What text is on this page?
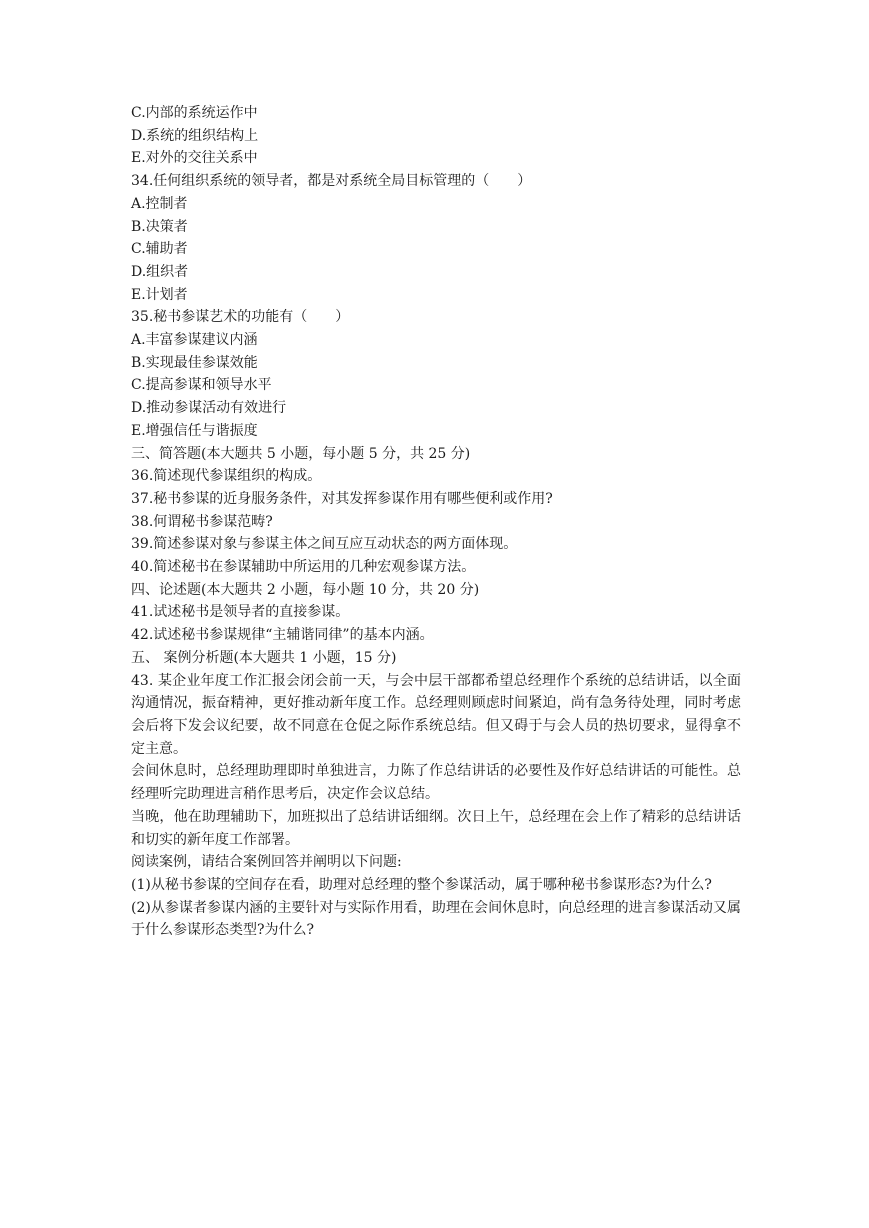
C.内部的系统运作中
D.系统的组织结构上
E.对外的交往关系中
34.任何组织系统的领导者，都是对系统全局目标管理的（　　）
A.控制者
B.决策者
C.辅助者
D.组织者
E.计划者
35.秘书参谋艺术的功能有（　　）
A.丰富参谋建议内涵
B.实现最佳参谋效能
C.提高参谋和领导水平
D.推动参谋活动有效进行
E.增强信任与谐振度
三、简答题(本大题共 5 小题，每小题 5 分，共 25 分)
36.简述现代参谋组织的构成。
37.秘书参谋的近身服务条件，对其发挥参谋作用有哪些便利或作用?
38.何谓秘书参谋范畴?
39.简述参谋对象与参谋主体之间互应互动状态的两方面体现。
40.简述秘书在参谋辅助中所运用的几种宏观参谋方法。
四、论述题(本大题共 2 小题，每小题 10 分，共 20 分)
41.试述秘书是领导者的直接参谋。
42.试述秘书参谋规律“主辅谐同律”的基本内涵。
五、 案例分析题(本大题共 1 小题，15 分)

43. 某企业年度工作汇报会闭会前一天，与会中层干部都希望总经理作个系统的总结讲话，以全面沟通情况，振奋精神，更好推动新年度工作。总经理则顾虑时间紧迫，尚有急务待处理，同时考虑会后将下发会议纪要，故不同意在仓促之际作系统总结。但又碍于与会人员的热切要求，显得拿不定主意。

会间休息时，总经理助理即时单独进言，力陈了作总结讲话的必要性及作好总结讲话的可能性。总经理听完助理进言稍作思考后，决定作会议总结。

当晚，他在助理辅助下，加班拟出了总结讲话细纲。次日上午，总经理在会上作了精彩的总结讲话和切实的新年度工作部署。

阅读案例，请结合案例回答并阐明以下问题:

(1)从秘书参谋的空间存在看，助理对总经理的整个参谋活动，属于哪种秘书参谋形态?为什么?

(2)从参谋者参谋内涵的主要针对与实际作用看，助理在会间休息时，向总经理的进言参谋活动又属于什么参谋形态类型?为什么?
